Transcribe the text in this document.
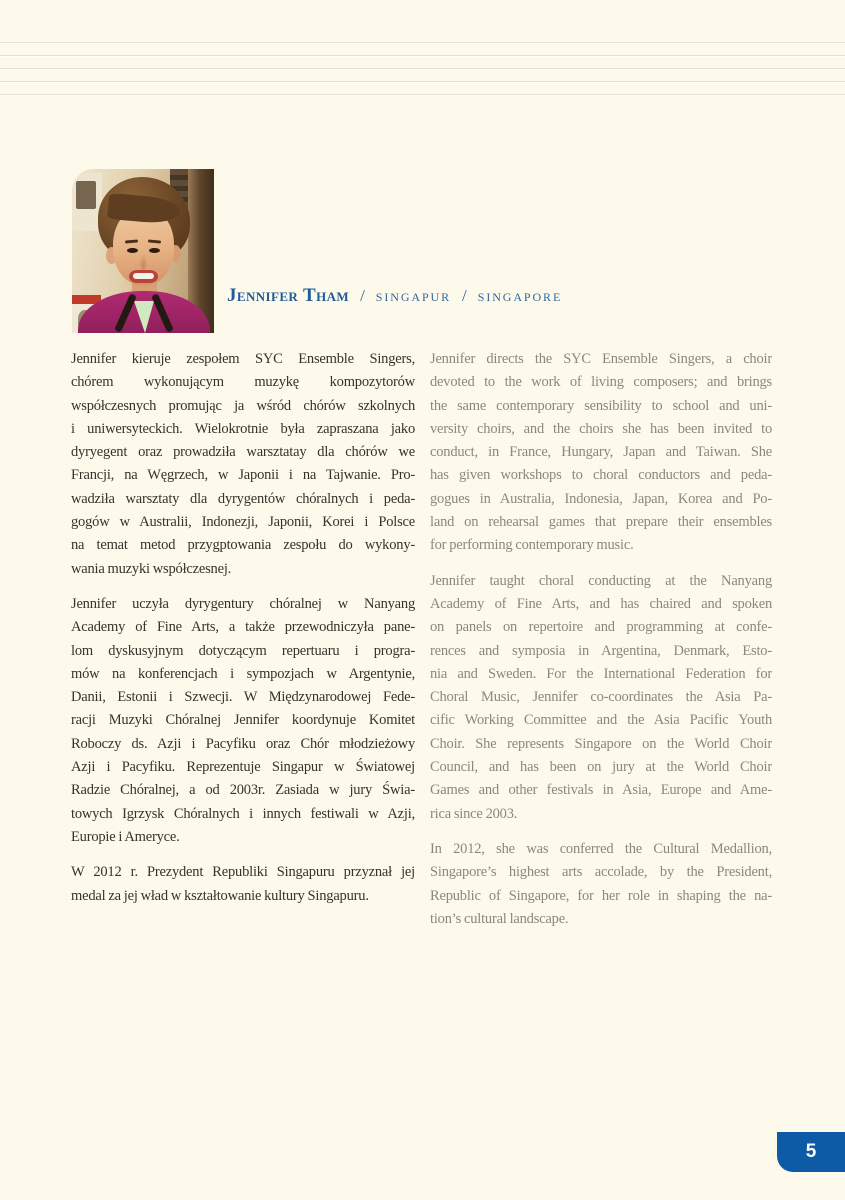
Jennifer Tham / singapur / singapore
Jennifer kieruje zespołem SYC Ensemble Singers,
chórem wykonującym muzykę kompozytorów
współczesnych promując ja wśród chórów szkolnych
i uniwersyteckich. Wielokrotnie była zapraszana jako
dyryegent oraz prowadziła warsztatay dla chórów we
Francji, na Węgrzech, w Japonii i na Tajwanie. Pro-
wadziła warsztaty dla dyrygentów chóralnych i peda-
gogów w Australii, Indonezji, Japonii, Korei i Polsce
na temat metod przygptowania zespołu do wykony-
wania muzyki współczesnej.
Jennifer uczyła dyrygentury chóralnej w Nanyang
Academy of Fine Arts, a także przewodniczyła pane-
lom dyskusyjnym dotyczącym repertuaru i progra-
mów na konferencjach i sympozjach w Argentynie,
Danii, Estonii i Szwecji. W Międzynarodowej Fede-
racji Muzyki Chóralnej Jennifer koordynuje Komitet
Roboczy ds. Azji i Pacyfiku oraz Chór młodzieżowy
Azji i Pacyfiku. Reprezentuje Singapur w Światowej
Radzie Chóralnej, a od 2003r. Zasiada w jury Świa-
towych Igrzysk Chóralnych i innych festiwali w Azji,
Europie i Ameryce.
W 2012 r. Prezydent Republiki Singapuru przyznał jej
medal za jej wład w kształtowanie kultury Singapuru.
Jennifer directs the SYC Ensemble Singers, a choir
devoted to the work of living composers; and brings
the same contemporary sensibility to school and uni-
versity choirs, and the choirs she has been invited to
conduct, in France, Hungary, Japan and Taiwan. She
has given workshops to choral conductors and peda-
gogues in Australia, Indonesia, Japan, Korea and Po-
land on rehearsal games that prepare their ensembles
for performing contemporary music.
Jennifer taught choral conducting at the Nanyang
Academy of Fine Arts, and has chaired and spoken
on panels on repertoire and programming at confe-
rences and symposia in Argentina, Denmark, Esto-
nia and Sweden. For the International Federation for
Choral Music, Jennifer co-coordinates the Asia Pa-
cific Working Committee and the Asia Pacific Youth
Choir. She represents Singapore on the World Choir
Council, and has been on jury at the World Choir
Games and other festivals in Asia, Europe and Ame-
rica since 2003.
In 2012, she was conferred the Cultural Medallion,
Singapore’s highest arts accolade, by the President,
Republic of Singapore, for her role in shaping the na-
tion’s cultural landscape.
5
